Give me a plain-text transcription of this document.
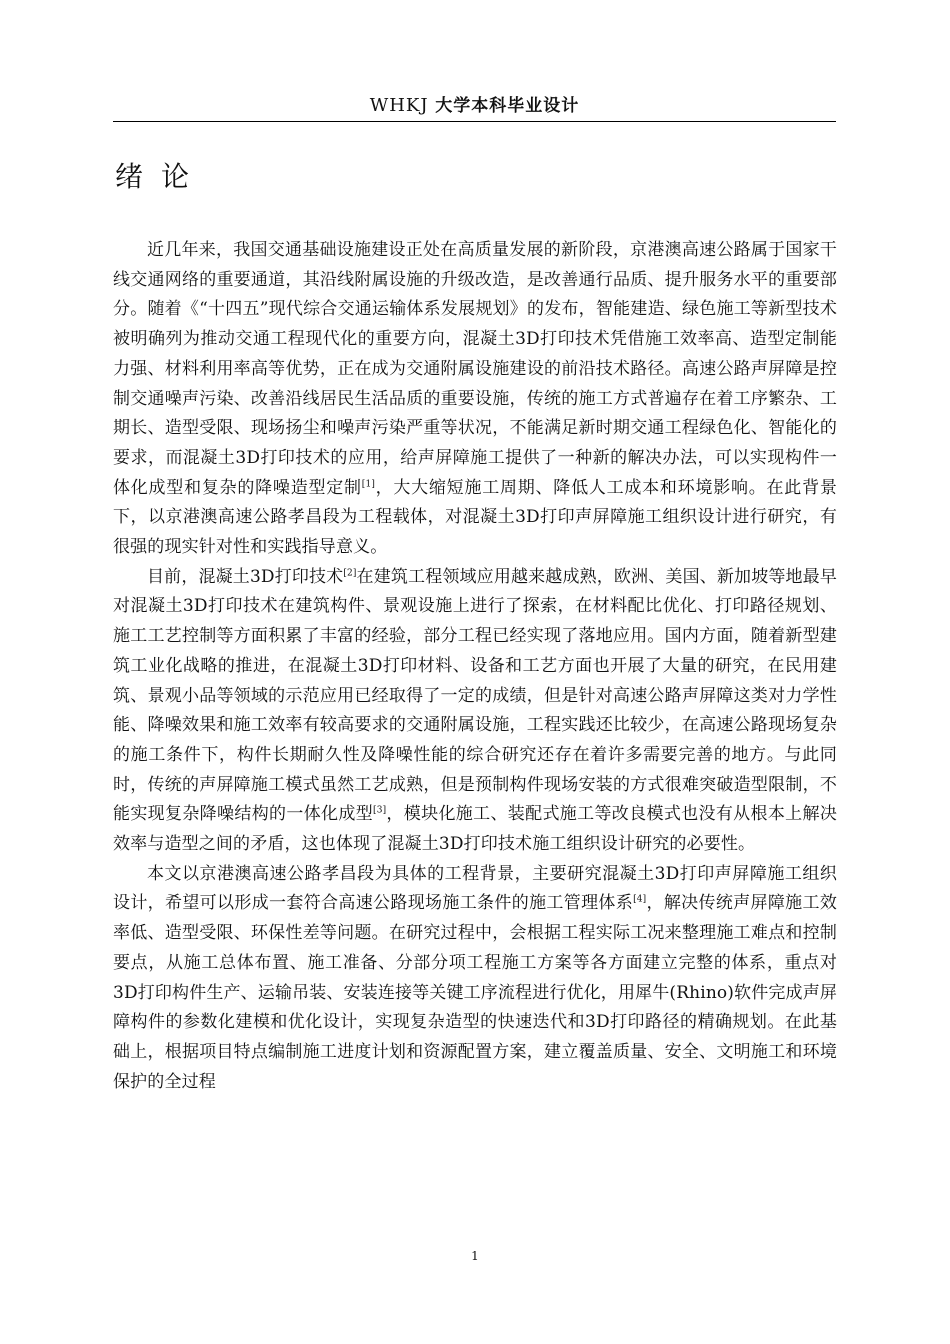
WHKJ 大学本科毕业设计
绪论

近几年来，我国交通基础设施建设正处在高质量发展的新阶段，京港澳高速公路属于国家干线交通网络的重要通道，其沿线附属设施的升级改造，是改善通行品质、提升服务水平的重要部分。随着《“十四五”现代综合交通运输体系发展规划》的发布，智能建造、绿色施工等新型技术被明确列为推动交通工程现代化的重要方向，混凝土3D打印技术凭借施工效率高、造型定制能力强、材料利用率高等优势，正在成为交通附属设施建设的前沿技术路径。高速公路声屏障是控制交通噪声污染、改善沿线居民生活品质的重要设施，传统的施工方式普遍存在着工序繁杂、工期长、造型受限、现场扬尘和噪声污染严重等状况，不能满足新时期交通工程绿色化、智能化的要求，而混凝土3D打印技术的应用，给声屏障施工提供了一种新的解决办法，可以实现构件一体化成型和复杂的降噪造型定制[1]，大大缩短施工周期、降低人工成本和环境影响。在此背景下，以京港澳高速公路孝昌段为工程载体，对混凝土3D打印声屏障施工组织设计进行研究，有很强的现实针对性和实践指导意义。

目前，混凝土3D打印技术[2]在建筑工程领域应用越来越成熟，欧洲、美国、新加坡等地最早对混凝土3D打印技术在建筑构件、景观设施上进行了探索，在材料配比优化、打印路径规划、施工工艺控制等方面积累了丰富的经验，部分工程已经实现了落地应用。国内方面，随着新型建筑工业化战略的推进，在混凝土3D打印材料、设备和工艺方面也开展了大量的研究，在民用建筑、景观小品等领域的示范应用已经取得了一定的成绩，但是针对高速公路声屏障这类对力学性能、降噪效果和施工效率有较高要求的交通附属设施，工程实践还比较少，在高速公路现场复杂的施工条件下，构件长期耐久性及降噪性能的综合研究还存在着许多需要完善的地方。与此同时，传统的声屏障施工模式虽然工艺成熟，但是预制构件现场安装的方式很难突破造型限制，不能实现复杂降噪结构的一体化成型[3]，模块化施工、装配式施工等改良模式也没有从根本上解决效率与造型之间的矛盾，这也体现了混凝土3D打印技术施工组织设计研究的必要性。

本文以京港澳高速公路孝昌段为具体的工程背景，主要研究混凝土3D打印声屏障施工组织设计，希望可以形成一套符合高速公路现场施工条件的施工管理体系[4]，解决传统声屏障施工效率低、造型受限、环保性差等问题。在研究过程中，会根据工程实际工况来整理施工难点和控制要点，从施工总体布置、施工准备、分部分项工程施工方案等各方面建立完整的体系，重点对3D打印构件生产、运输吊装、安装连接等关键工序流程进行优化，用犀牛(Rhino)软件完成声屏障构件的参数化建模和优化设计，实现复杂造型的快速迭代和3D打印路径的精确规划。在此基础上，根据项目特点编制施工进度计划和资源配置方案，建立覆盖质量、安全、文明施工和环境保护的全过程

1
